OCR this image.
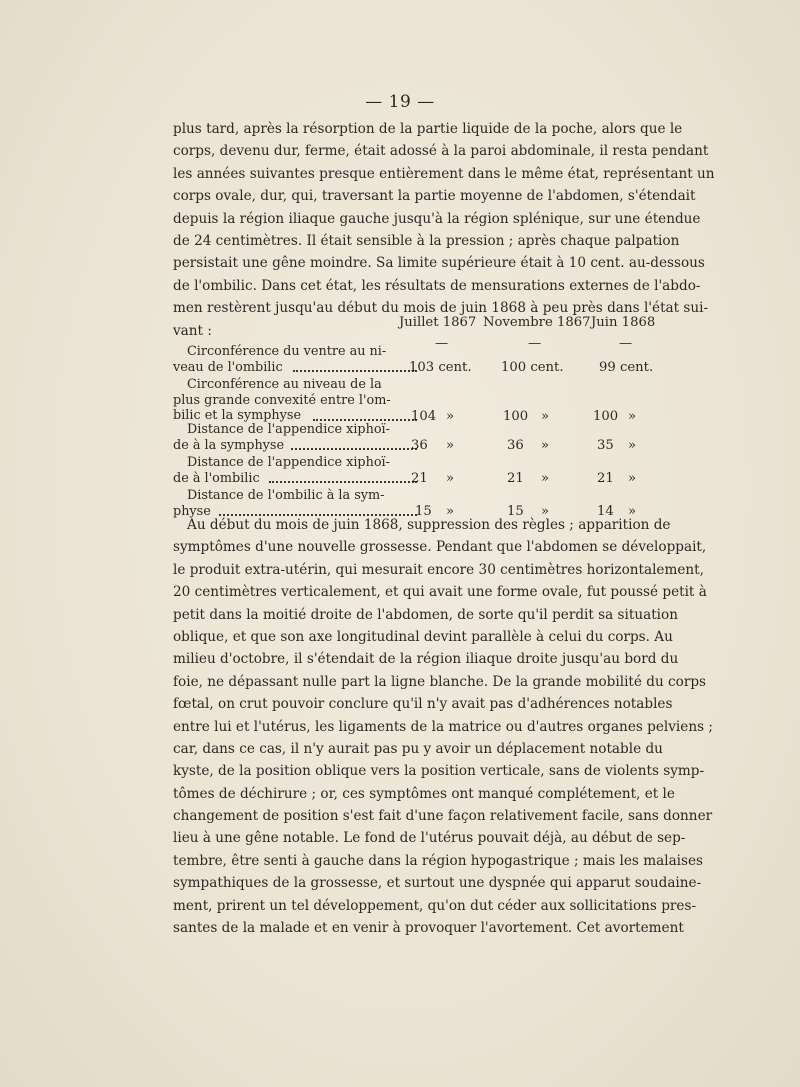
— 19 —
plus tard, après la résorption de la partie liquide de la poche, alors que le
corps, devenu dur, ferme, était adossé à la paroi abdominale, il resta pendant
les années suivantes presque entièrement dans le même état, représentant un
corps ovale, dur, qui, traversant la partie moyenne de l'abdomen, s'étendait
depuis la région iliaque gauche jusqu'à la région splénique, sur une étendue
de 24 centimètres. Il était sensible à la pression ; après chaque palpation
persistait une gêne moindre. Sa limite supérieure était à 10 cent. au-dessous
de l'ombilic. Dans cet état, les résultats de mensurations externes de l'abdo-
men restèrent jusqu'au début du mois de juin 1868 à peu près dans l'état sui-
vant :
Juillet 1867 Novembre 1867 Juin 1868
—	—	—
Circonférence du ventre au ni-
veau de l'ombilic	103 cent. 100 cent.	99 cent.
Circonférence au niveau de la
plus grande convexité entre l'om-
bilic et la symphyse	104 »	100 »	100 »
Distance de l'appendice xiphoï-
de à la symphyse	36 »	36 »	35 »
Distance de l'appendice xiphoï-
de à l'ombilic	21 »	21 »	21 »
Distance de l'ombilic à la sym-
physe	15 »	15 »	14 »
Au début du mois de juin 1868, suppression des règles ; apparition de
symptômes d'une nouvelle grossesse. Pendant que l'abdomen se développait,
le produit extra-utérin, qui mesurait encore 30 centimètres horizontalement,
20 centimètres verticalement, et qui avait une forme ovale, fut poussé petit à
petit dans la moitié droite de l'abdomen, de sorte qu'il perdit sa situation
oblique, et que son axe longitudinal devint parallèle à celui du corps. Au
milieu d'octobre, il s'étendait de la région iliaque droite jusqu'au bord du
foie, ne dépassant nulle part la ligne blanche. De la grande mobilité du corps
fœtal, on crut pouvoir conclure qu'il n'y avait pas d'adhérences notables
entre lui et l'utérus, les ligaments de la matrice ou d'autres organes pelviens ;
car, dans ce cas, il n'y aurait pas pu y avoir un déplacement notable du
kyste, de la position oblique vers la position verticale, sans de violents symp-
tômes de déchirure ; or, ces symptômes ont manqué complétement, et le
changement de position s'est fait d'une façon relativement facile, sans donner
lieu à une gêne notable. Le fond de l'utérus pouvait déjà, au début de sep-
tembre, être senti à gauche dans la région hypogastrique ; mais les malaises
sympathiques de la grossesse, et surtout une dyspnée qui apparut soudaine-
ment, prirent un tel développement, qu'on dut céder aux sollicitations pres-
santes de la malade et en venir à provoquer l'avortement. Cet avortement
